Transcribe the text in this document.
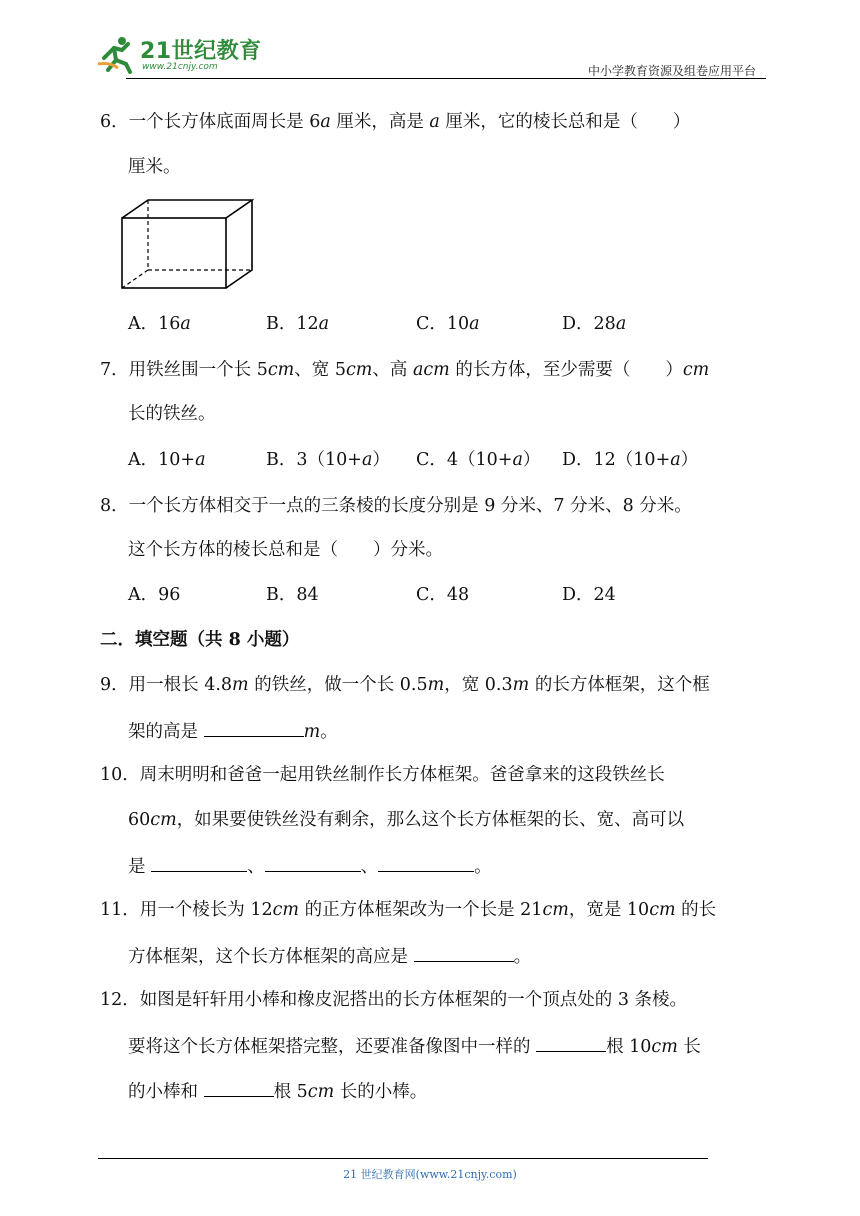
21世纪教育
www.21cnjy.com	中小学教育资源及组卷应用平台
6．一个长方体底面周长是 6a 厘米，高是 a 厘米，它的棱长总和是（　　）
厘米。
A．16a	B．12a	C．10a	D．28a
7．用铁丝围一个长 5cm、宽 5cm、高 acm 的长方体，至少需要（　　）cm
长的铁丝。
A．10+a	B．3（10+a） C．4（10+a） D．12（10+a）
8．一个长方体相交于一点的三条棱的长度分别是 9 分米、7 分米、8 分米。
这个长方体的棱长总和是（　　）分米。
A．96	B．84	C．48	D．24
二．填空题（共 8 小题）
9．用一根长 4.8m 的铁丝，做一个长 0.5m，宽 0.3m 的长方体框架，这个框
架的高是	m。
10．周末明明和爸爸一起用铁丝制作长方体框架。爸爸拿来的这段铁丝长
60cm，如果要使铁丝没有剩余，那么这个长方体框架的长、宽、高可以
是	、	、	。
11．用一个棱长为 12cm 的正方体框架改为一个长是 21cm，宽是 10cm 的长
方体框架，这个长方体框架的高应是	。
12．如图是轩轩用小棒和橡皮泥搭出的长方体框架的一个顶点处的 3 条棱。
要将这个长方体框架搭完整，还要准备像图中一样的	根 10cm 长
的小棒和	根 5cm 长的小棒。
21 世纪教育网(www.21cnjy.com)
